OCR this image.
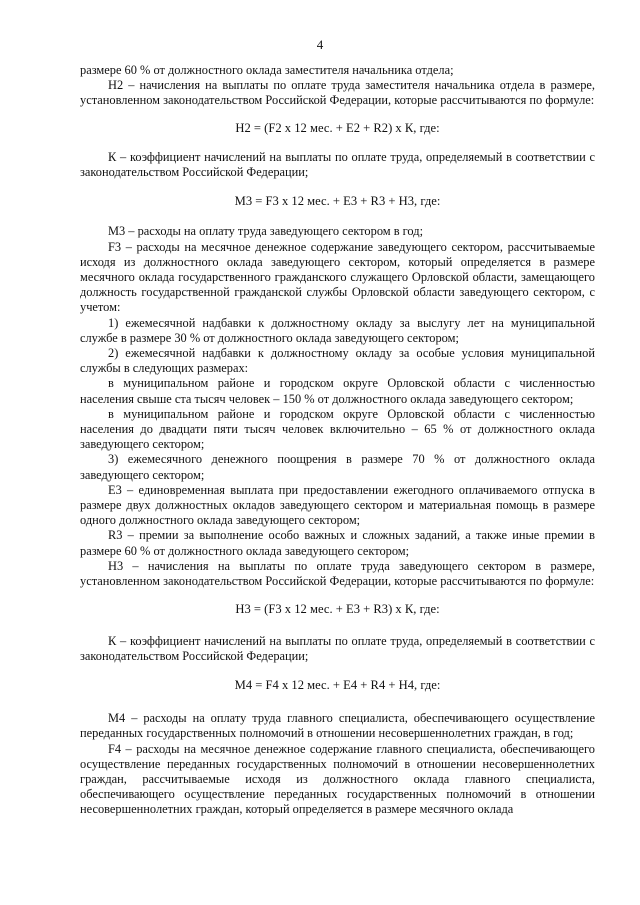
4

размере 60 % от должностного оклада заместителя начальника отдела;

Н2 – начисления на выплаты по оплате труда заместителя начальника отдела в размере, установленном законодательством Российской Федерации, которые рассчитываются по формуле:

Н2 = (F2 x 12 мес. + Е2 + R2) x К, где:

К – коэффициент начислений на выплаты по оплате труда, определяемый в соответствии с законодательством Российской Федерации;

М3 = F3 x 12 мес. + Е3 + R3 + Н3, где:

М3 – расходы на оплату труда заведующего сектором в год;

F3 – расходы на месячное денежное содержание заведующего сектором, рассчитываемые исходя из должностного оклада заведующего сектором, который определяется в размере месячного оклада государственного гражданского служащего Орловской области, замещающего должность государственной гражданской службы Орловской области заведующего сектором, с учетом:

1) ежемесячной надбавки к должностному окладу за выслугу лет на муниципальной службе в размере 30 % от должностного оклада заведующего сектором;

2) ежемесячной надбавки к должностному окладу за особые условия муниципальной службы в следующих размерах:

в муниципальном районе и городском округе Орловской области с численностью населения свыше ста тысяч человек – 150 % от должностного оклада заведующего сектором;

в муниципальном районе и городском округе Орловской области с численностью населения до двадцати пяти тысяч человек включительно – 65 % от должностного оклада заведующего сектором;

3) ежемесячного денежного поощрения в размере 70 % от должностного оклада заведующего сектором;

Е3 – единовременная выплата при предоставлении ежегодного оплачиваемого отпуска в размере двух должностных окладов заведующего сектором и материальная помощь в размере одного должностного оклада заведующего сектором;

R3 – премии за выполнение особо важных и сложных заданий, а также иные премии в размере 60 % от должностного оклада заведующего сектором;

Н3 – начисления на выплаты по оплате труда заведующего сектором в размере, установленном законодательством Российской Федерации, которые рассчитываются по формуле:

Н3 = (F3 x 12 мес. + Е3 + R3) x К, где:

К – коэффициент начислений на выплаты по оплате труда, определяемый в соответствии с законодательством Российской Федерации;

М4 = F4 x 12 мес. + Е4 + R4 + Н4, где:

М4 – расходы на оплату труда главного специалиста, обеспечивающего осуществление переданных государственных полномочий в отношении несовершеннолетних граждан, в год;

F4 – расходы на месячное денежное содержание главного специалиста, обеспечивающего осуществление переданных государственных полномочий в отношении несовершеннолетних граждан, рассчитываемые исходя из должностного оклада главного специалиста, обеспечивающего осуществление переданных государственных полномочий в отношении несовершеннолетних граждан, который определяется в размере месячного оклада
